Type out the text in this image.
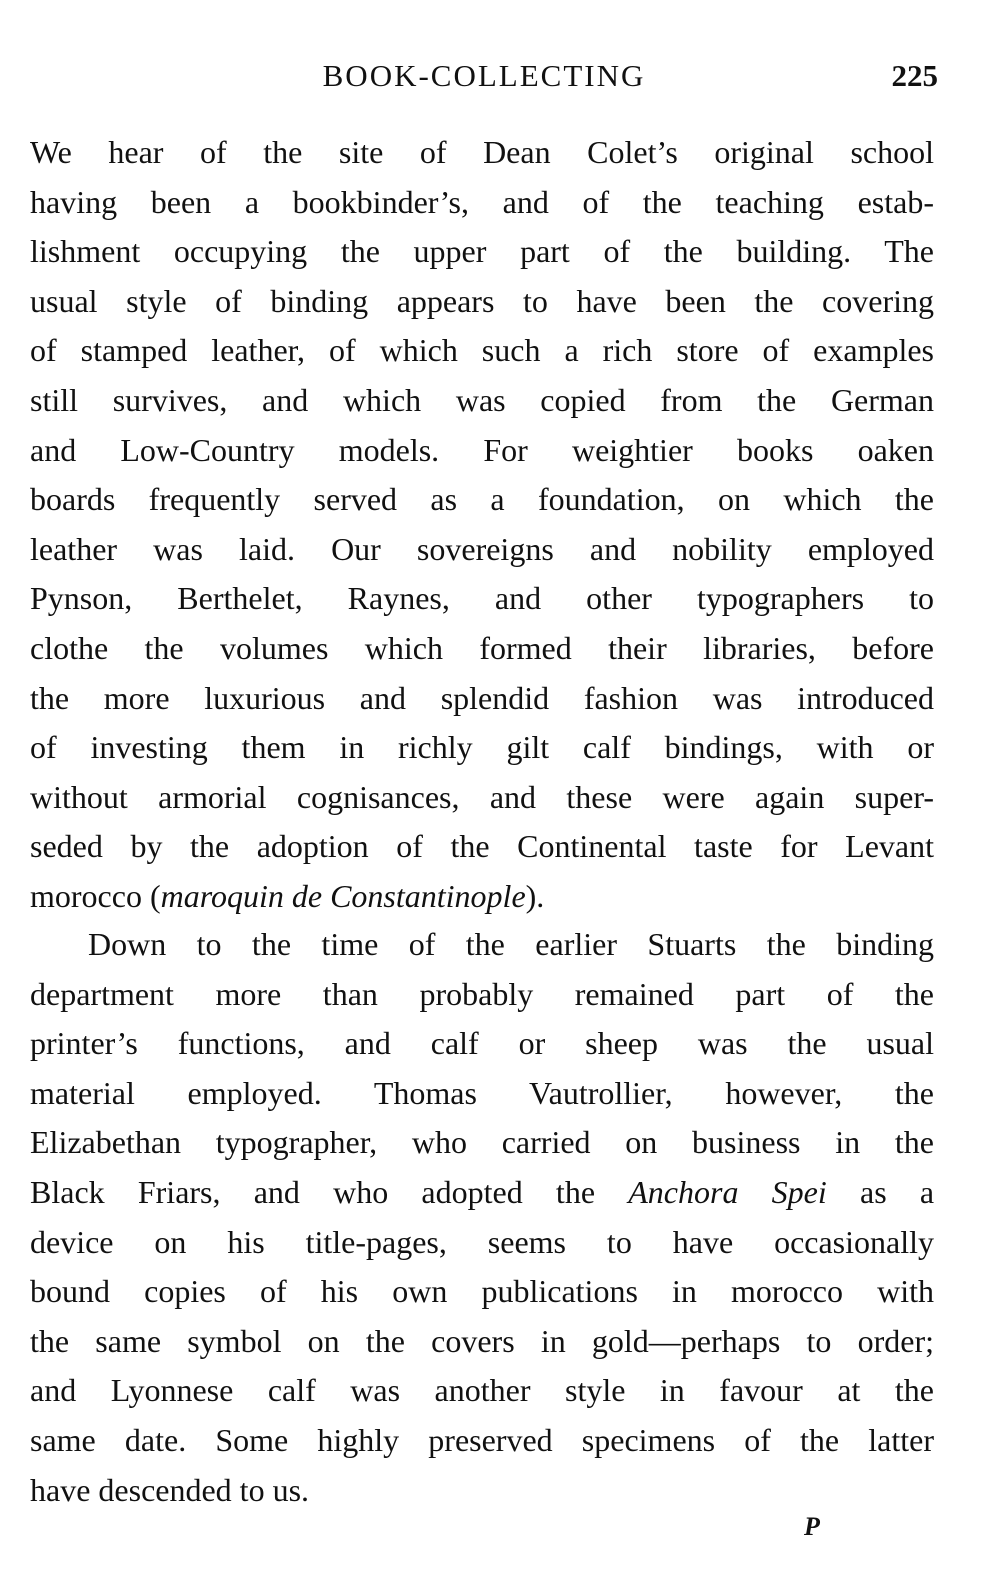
BOOK-COLLECTING	225
We hear of the site of Dean Colet’s original school
having been a bookbinder’s, and of the teaching estab-
lishment occupying the upper part of the building. The
usual style of binding appears to have been the covering
of stamped leather, of which such a rich store of examples
still survives, and which was copied from the German
and Low-Country models. For weightier books oaken
boards frequently served as a foundation, on which the
leather was laid. Our sovereigns and nobility employed
Pynson, Berthelet, Raynes, and other typographers to
clothe the volumes which formed their libraries, before
the more luxurious and splendid fashion was introduced
of investing them in richly gilt calf bindings, with or
without armorial cognisances, and these were again super-
seded by the adoption of the Continental taste for Levant
morocco (maroquin de Constantinople).
Down to the time of the earlier Stuarts the binding
department more than probably remained part of the
printer’s functions, and calf or sheep was the usual
material employed. Thomas Vautrollier, however, the
Elizabethan typographer, who carried on business in the
Black Friars, and who adopted the Anchora Spei as a
device on his title-pages, seems to have occasionally
bound copies of his own publications in morocco with
the same symbol on the covers in gold—perhaps to order;
and Lyonnese calf was another style in favour at the
same date. Some highly preserved specimens of the latter
have descended to us.
P
